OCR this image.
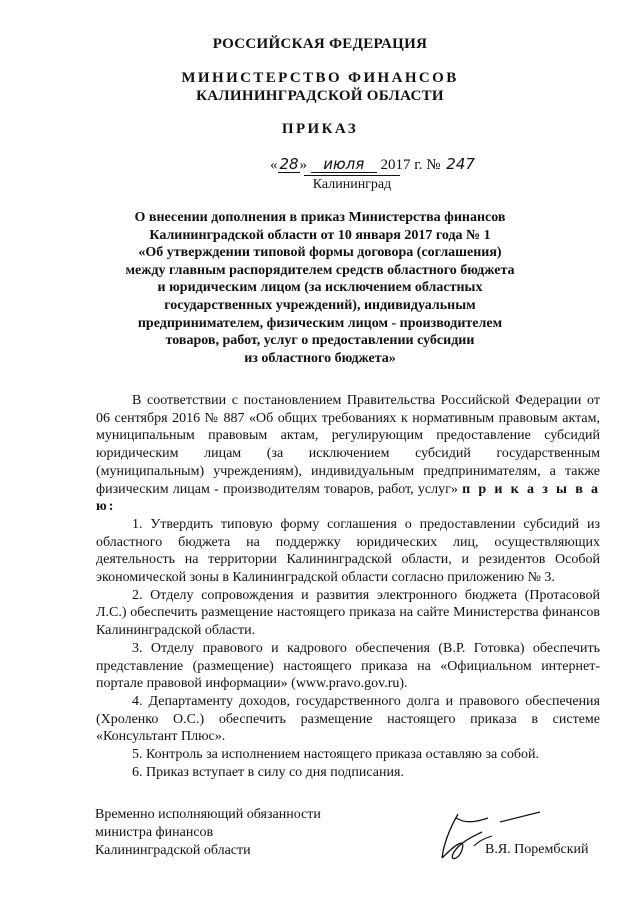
РОССИЙСКАЯ ФЕДЕРАЦИЯ
МИНИСТЕРСТВО ФИНАНСОВ
КАЛИНИНГРАДСКОЙ ОБЛАСТИ
ПРИКАЗ
« 28» июля 2017 г. № 247
Калининград
О внесении дополнения в приказ Министерства финансов
Калининградской области от 10 января 2017 года № 1
«Об утверждении типовой формы договора (соглашения)
между главным распорядителем средств областного бюджета
и юридическим лицом (за исключением областных
государственных учреждений), индивидуальным
предпринимателем, физическим лицом - производителем
товаров, работ, услуг о предоставлении субсидии
из областного бюджета»

В соответствии с постановлением Правительства Российской Федерации от 06 сентября 2016 № 887 «Об общих требованиях к нормативным правовым актам, муниципальным правовым актам, регулирующим предоставление субсидий юридическим лицам (за исключением субсидий государственным (муниципальным) учреждениям), индивидуальным предпринимателям, а также физическим лицам - производителям товаров, работ, услуг» п р и к а з ы в а ю:

1. Утвердить типовую форму соглашения о предоставлении субсидий из областного бюджета на поддержку юридических лиц, осуществляющих деятельность на территории Калининградской области, и резидентов Особой экономической зоны в Калининградской области согласно приложению № 3.

2. Отделу сопровождения и развития электронного бюджета (Протасовой Л.С.) обеспечить размещение настоящего приказа на сайте Министерства финансов Калининградской области.

3. Отделу правового и кадрового обеспечения (В.Р. Готовка) обеспечить представление (размещение) настоящего приказа на «Официальном интернет-портале правовой информации» (www.pravo.gov.ru).

4. Департаменту доходов, государственного долга и правового обеспечения (Хроленко О.С.) обеспечить размещение настоящего приказа в системе «Консультант Плюс».

5. Контроль за исполнением настоящего приказа оставляю за собой.

6. Приказ вступает в силу со дня подписания.

Временно исполняющий обязанности
министра финансов
Калининградской области	В.Я. Порембский
